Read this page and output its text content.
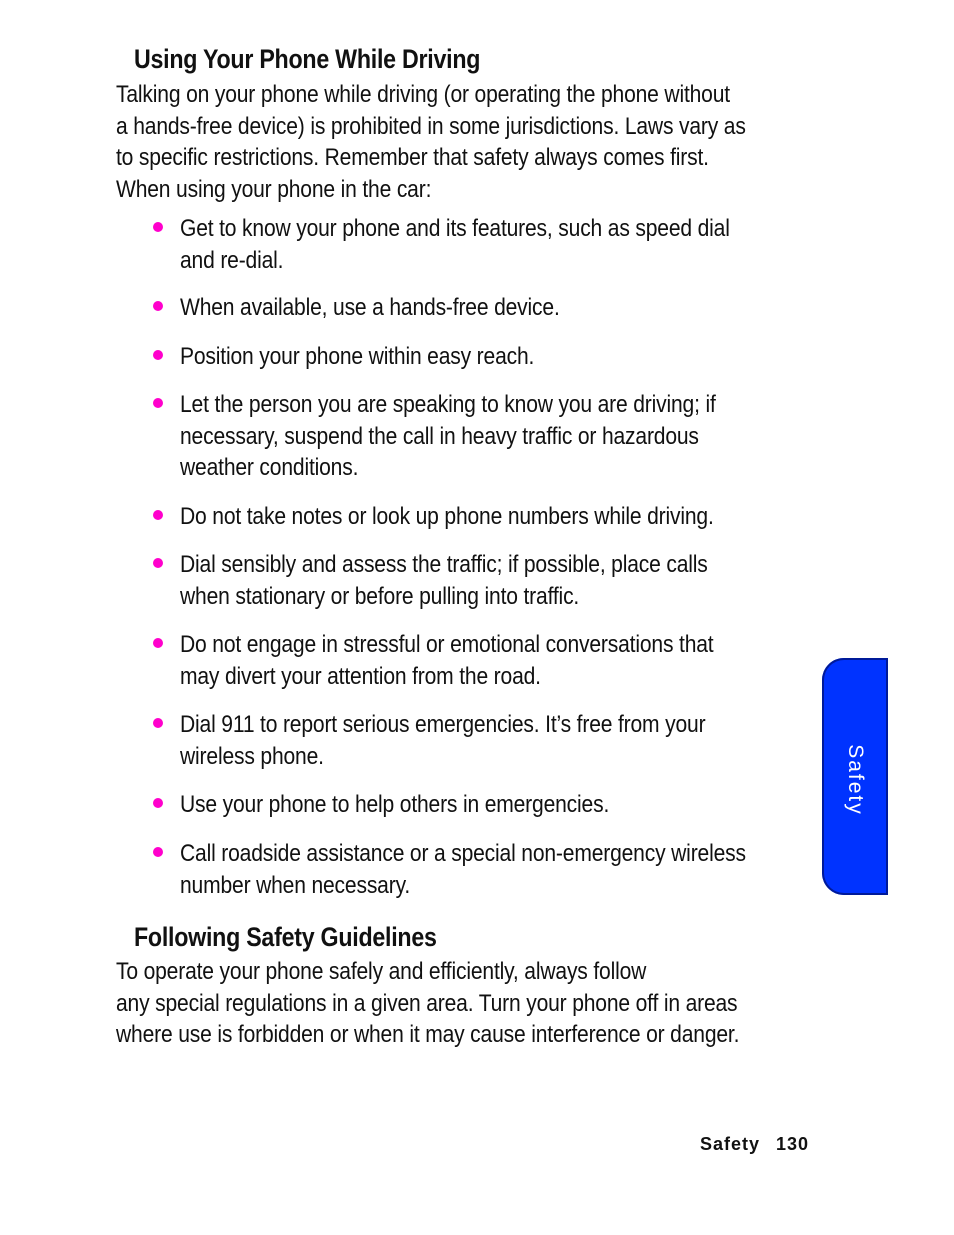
Using Your Phone While Driving

Talking on your phone while driving (or operating the phone without
a hands-free device) is prohibited in some jurisdictions. Laws vary as
to specific restrictions. Remember that safety always comes first.
When using your phone in the car:

Get to know your phone and its features, such as speed dial
and re-dial.

When available, use a hands-free device.

Position your phone within easy reach.

Let the person you are speaking to know you are driving; if
necessary, suspend the call in heavy traffic or hazardous
weather conditions.

Do not take notes or look up phone numbers while driving.

Dial sensibly and assess the traffic; if possible, place calls
when stationary or before pulling into traffic.

Do not engage in stressful or emotional conversations that
may divert your attention from the road.

Dial 911 to report serious emergencies. It’s free from your
wireless phone.

Use your phone to help others in emergencies.

Call roadside assistance or a special non-emergency wireless
number when necessary.

Following Safety Guidelines

To operate your phone safely and efficiently, always follow
any special regulations in a given area. Turn your phone off in areas
where use is forbidden or when it may cause interference or danger.

Safety
Safety 130
